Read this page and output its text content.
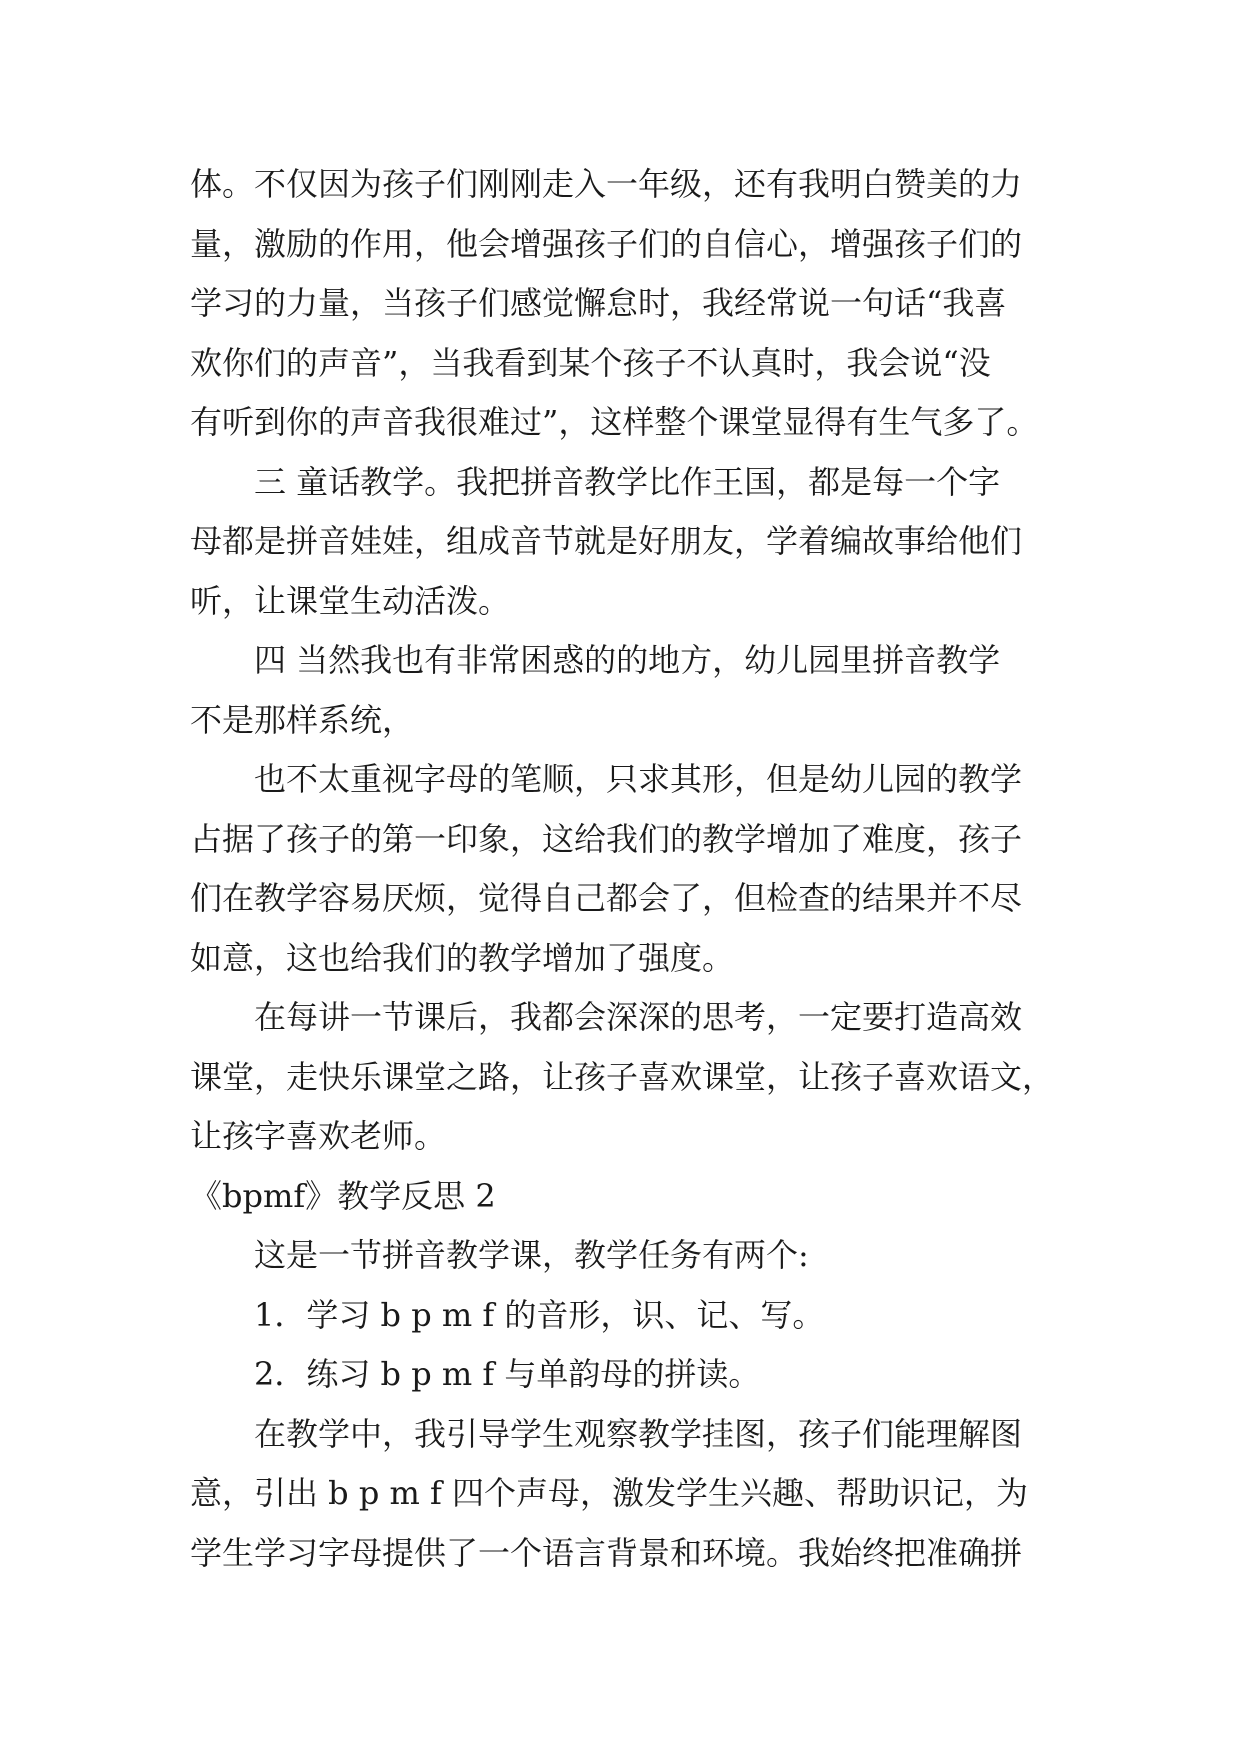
体。不仅因为孩子们刚刚走入一年级，还有我明白赞美的力
量，激励的作用，他会增强孩子们的自信心，增强孩子们的
学习的力量，当孩子们感觉懈怠时，我经常说一句话“我喜
欢你们的声音”，当我看到某个孩子不认真时，我会说“没
有听到你的声音我很难过”，这样整个课堂显得有生气多了。
三 童话教学。我把拼音教学比作王国，都是每一个字
母都是拼音娃娃，组成音节就是好朋友，学着编故事给他们
听，让课堂生动活泼。
四 当然我也有非常困惑的的地方，幼儿园里拼音教学
不是那样系统，
也不太重视字母的笔顺，只求其形，但是幼儿园的教学
占据了孩子的第一印象，这给我们的教学增加了难度，孩子
们在教学容易厌烦，觉得自己都会了，但检查的结果并不尽
如意，这也给我们的教学增加了强度。
在每讲一节课后，我都会深深的思考，一定要打造高效
课堂，走快乐课堂之路，让孩子喜欢课堂，让孩子喜欢语文，
让孩字喜欢老师。
《bpmf》教学反思 2
这是一节拼音教学课，教学任务有两个:
1．学习 b p m f 的音形，识、记、写。
2．练习 b p m f 与单韵母的拼读。
在教学中，我引导学生观察教学挂图，孩子们能理解图
意，引出 b p m f 四个声母，激发学生兴趣、帮助识记，为
学生学习字母提供了一个语言背景和环境。我始终把准确拼
